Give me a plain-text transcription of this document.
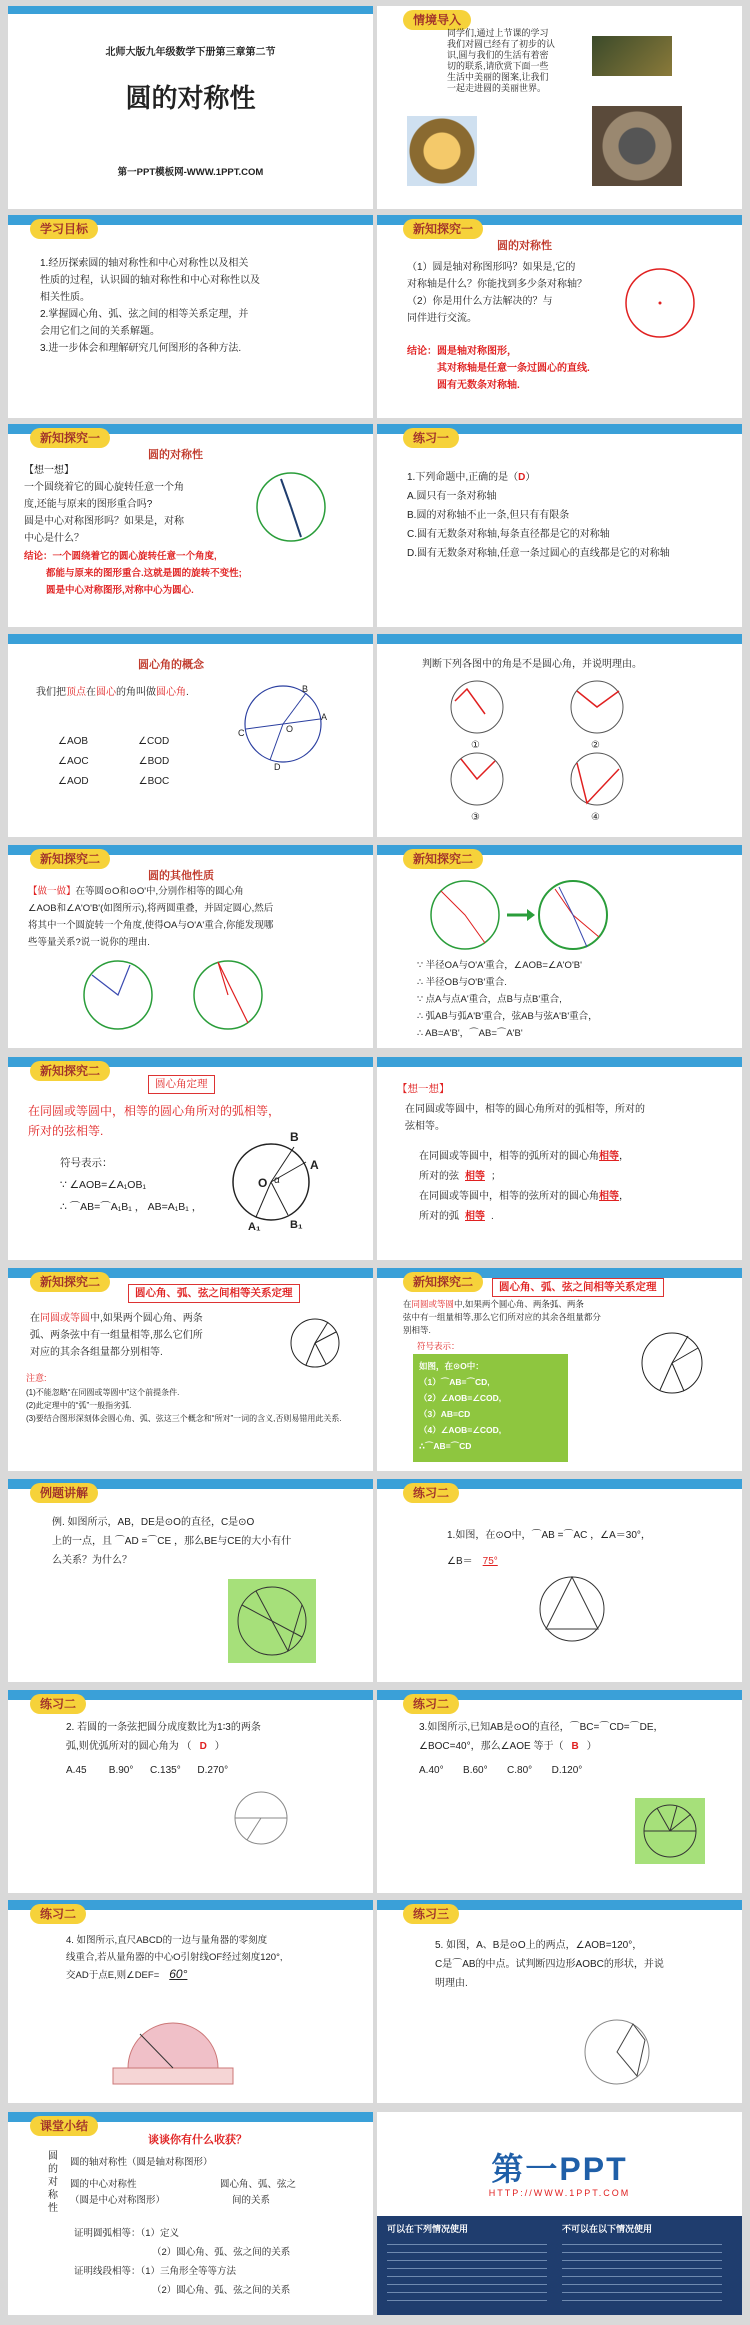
北师大版九年级数学下册第三章第二节
圆的对称性
第一PPT模板网-WWW.1PPT.COM
情境导入
同学们,通过上节课的学习
我们对圆已经有了初步的认
识,圆与我们的生活有着密
切的联系,请欣赏下面一些
生活中美丽的图案,让我们
一起走进圆的美丽世界。
学习目标
1.经历探索圆的轴对称性和中心对称性以及相关
性质的过程，认识圆的轴对称性和中心对称性以及
相关性质。
2.掌握圆心角、弧、弦之间的相等关系定理，并
会用它们之间的关系解题。
3.进一步体会和理解研究几何图形的各种方法.
新知探究一
圆的对称性
（1）圆是轴对称图形吗？如果是,它的
对称轴是什么？你能找到多少条对称轴？
（2）你是用什么方法解决的？与
同伴进行交流。
结论：圆是轴对称图形，
其对称轴是任意一条过圆心的直线.
圆有无数条对称轴.
新知探究一
圆的对称性
【想一想】
一个圆绕着它的圆心旋转任意一个角
度,还能与原来的图形重合吗?
圆是中心对称图形吗？如果是，对称
中心是什么？
结论：一个圆绕着它的圆心旋转任意一个角度,
都能与原来的图形重合.这就是圆的旋转不变性;
圆是中心对称图形,对称中心为圆心.
练习一
1.下列命题中,正确的是（D）
A.圆只有一条对称轴
B.圆的对称轴不止一条,但只有有限条
C.圆有无数条对称轴,每条直径都是它的对称轴
D.圆有无数条对称轴,任意一条过圆心的直线都是它的对称轴
圆心角的概念
我们把顶点在圆心的角叫做圆心角.
∠AOB	∠COD
∠AOC	∠BOD
∠AOD	∠BOC
B
A
O
C
D
判断下列各图中的角是不是圆心角，并说明理由。
①	②
③	④
新知探究二
圆的其他性质
【做一做】在等圆⊙O和⊙O'中,分别作相等的圆心角
∠AOB和∠A'O'B'(如图所示),将两圆重叠，并固定圆心,然后
将其中一个圆旋转一个角度,使得OA与O'A'重合,你能发现哪
些等量关系?说一说你的理由.
新知探究二
∵ 半径OA与O'A'重合，∠AOB=∠A'O'B'
∴ 半径OB与O'B'重合.
∵ 点A与点A'重合，点B与点B'重合,
∴ 弧AB与弧A'B'重合，弦AB与弦A'B'重合，
∴ AB=A'B'，⌒AB=⌒A'B'
新知探究二
圆心角定理
在同圆或等圆中，相等的圆心角所对的弧相等，
所对的弦相等.
符号表示：
∵ ∠AOB=∠A₁OB₁
∴ ⌒AB=⌒A₁B₁ ， AB=A₁B₁ ，
B
A
O α
A₁	B₁
【想一想】
在同圆或等圆中，相等的圆心角所对的弧相等，所对的
弦相等。
在同圆或等圆中，相等的弧所对的圆心角相等，
所对的弦 相等 ；
在同圆或等圆中，相等的弦所对的圆心角相等，
所对的弧 相等 .
新知探究二
圆心角、弧、弦之间相等关系定理
在同圆或等圆中,如果两个圆心角、两条
弧、两条弦中有一组量相等,那么它们所
对应的其余各组量都分别相等.
注意:
(1)不能忽略“在同圆或等圆中”这个前提条件.
(2)此定理中的“弧”一般指劣弧.
(3)要结合图形深刻体会圆心角、弧、弦这三个概念和“所对”一词的含义,否则易错用此关系.
新知探究二	圆心角、弧、弦之间相等关系定理
在同圆或等圆中,如果两个圆心角、两条弧、两条
弦中有一组量相等,那么它们所对应的其余各组量都分
别相等.
符号表示：
如图，在⊙O中：
（1）⌒AB=⌒CD,
（2）∠AOB=∠COD,
（3）AB=CD
（4）∠AOB=∠COD,
∴⌒AB=⌒CD
例题讲解
例. 如图所示，AB，DE是⊙O的直径，C是⊙O
上的一点，且 ⌒AD =⌒CE ，那么BE与CE的大小有什
么关系？为什么？
练习二
1.如图，在⊙O中，⌒AB =⌒AC ，∠A＝30°，
∠B＝ 75°
练习二
2. 若圆的一条弦把圆分成度数比为1∶3的两条
弧,则优弧所对的圆心角为 （ D ）
A.45        B.90°      C.135°      D.270°
练习二
3.如图所示,已知AB是⊙O的直径，⌒BC=⌒CD=⌒DE，
∠BOC=40°，那么∠AOE 等于（ B ）
A.40°       B.60°       C.80°       D.120°
练习二
4. 如图所示,直尺ABCD的一边与量角器的零刻度
线重合,若从量角器的中心O引射线OF经过刻度120°,
交AD于点E,则∠DEF= 60°
练习三
5. 如图，A、B是⊙O上的两点，∠AOB=120°，
C是⌒AB的中点。试判断四边形AOBC的形状，并说
明理由.
课堂小结
谈谈你有什么收获？
圆
的
对
称
性
圆的轴对称性（圆是轴对称图形）
圆的中心对称性
（圆是中心对称图形）
圆心角、弧、弦之
间的关系
证明圆弧相等：（1）定义
（2）圆心角、弧、弦之间的关系
证明线段相等：（1）三角形全等等方法
（2）圆心角、弧、弦之间的关系
第一PPT
HTTP://WWW.1PPT.COM
可以在下列情况使用	不可以在以下情况使用
